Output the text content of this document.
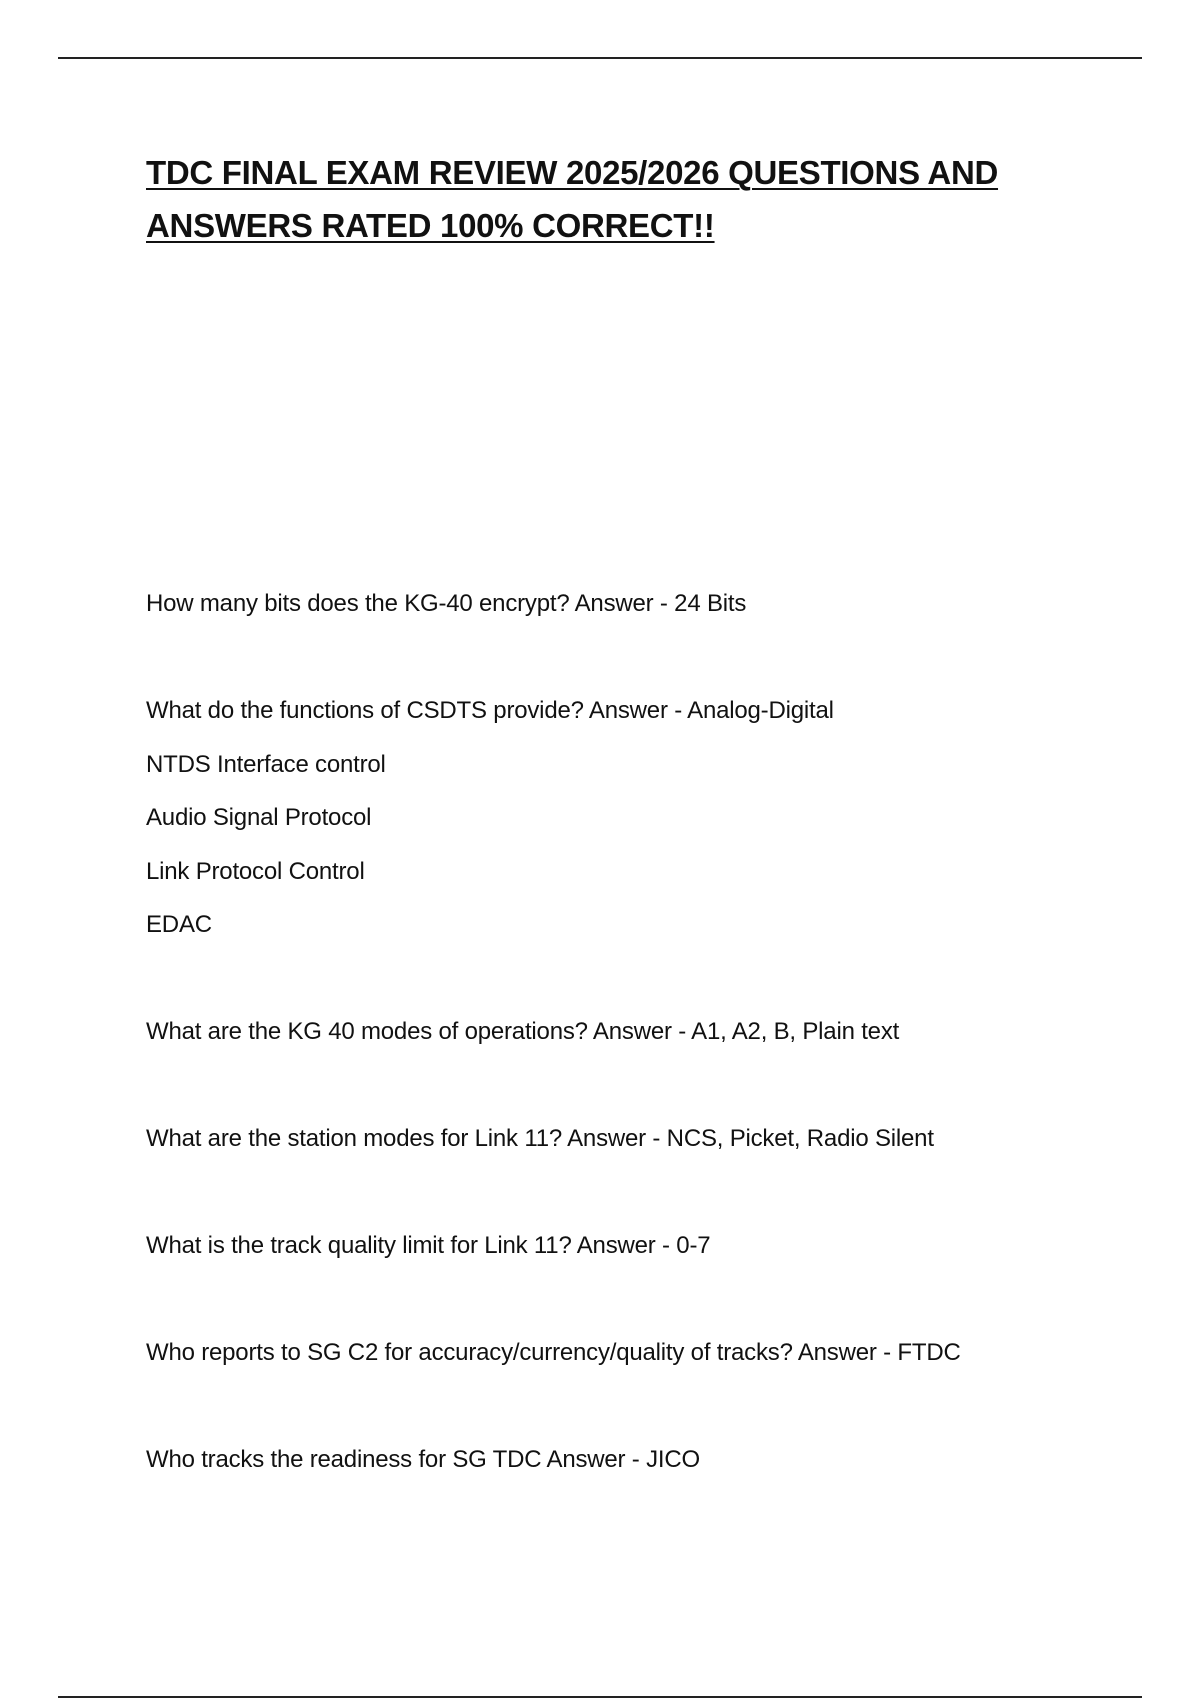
TDC FINAL EXAM REVIEW 2025/2026 QUESTIONS AND
ANSWERS RATED 100% CORRECT!!

How many bits does the KG-40 encrypt? Answer - 24 Bits

What do the functions of CSDTS provide? Answer - Analog-Digital

NTDS Interface control

Audio Signal Protocol

Link Protocol Control

EDAC

What are the KG 40 modes of operations? Answer - A1, A2, B, Plain text

What are the station modes for Link 11? Answer - NCS, Picket, Radio Silent

What is the track quality limit for Link 11? Answer - 0-7

Who reports to SG C2 for accuracy/currency/quality of tracks? Answer - FTDC

Who tracks the readiness for SG TDC Answer - JICO
